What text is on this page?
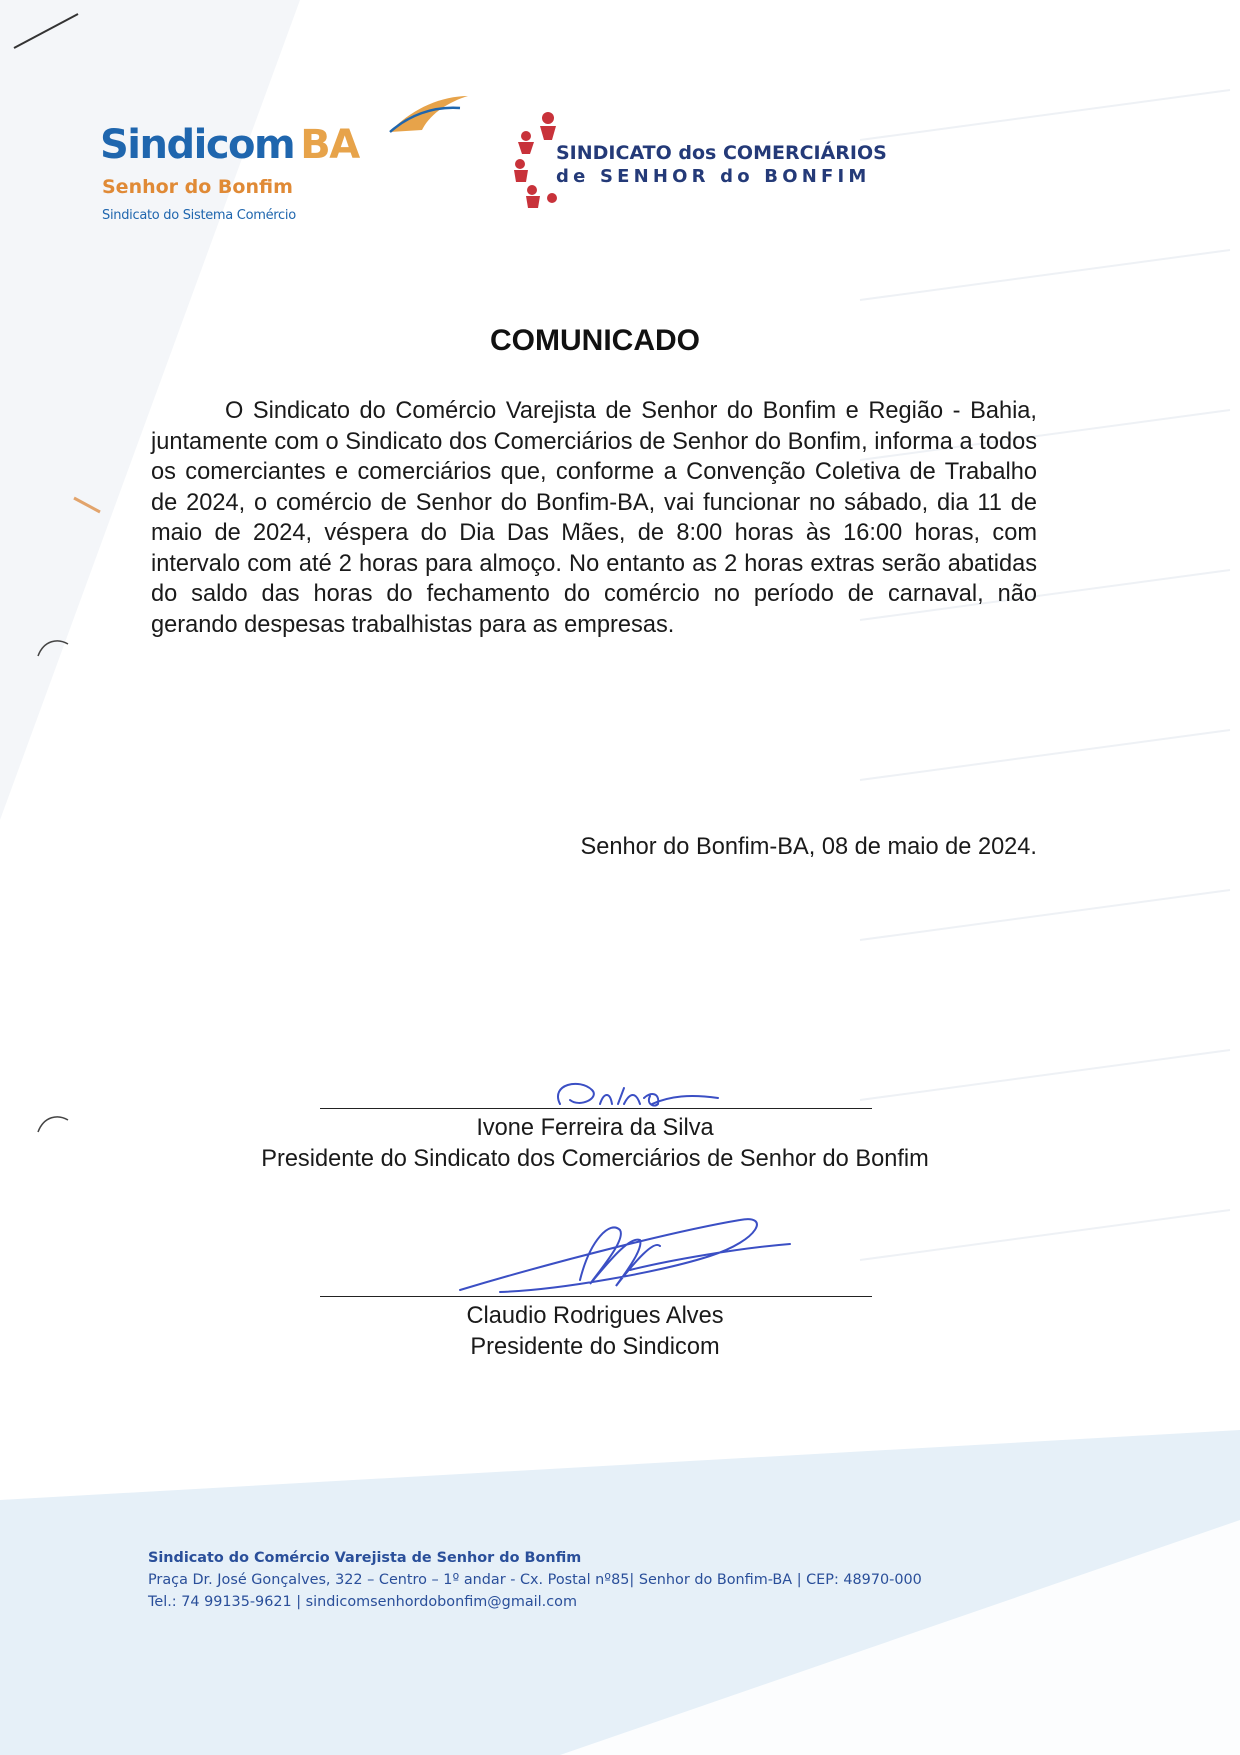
Sindicom BA
Senhor do Bonfim
Sindicato do Sistema Comércio
SINDICATO dos COMERCIÁRIOS
de SENHOR do BONFIM
COMUNICADO
O Sindicato do Comércio Varejista de Senhor do Bonfim e Região - Bahia, juntamente com o Sindicato dos Comerciários de Senhor do Bonfim, informa a todos os comerciantes e comerciários que, conforme a Convenção Coletiva de Trabalho de 2024, o comércio de Senhor do Bonfim-BA, vai funcionar no sábado, dia 11 de maio de 2024, véspera do Dia Das Mães, de 8:00 horas às 16:00 horas, com intervalo com até 2 horas para almoço. No entanto as 2 horas extras serão abatidas do saldo das horas do fechamento do comércio no período de carnaval, não gerando despesas trabalhistas para as empresas.
Senhor do Bonfim-BA, 08 de maio de 2024.
Ivone Ferreira da Silva
Presidente do Sindicato dos Comerciários de Senhor do Bonfim
Claudio Rodrigues Alves
Presidente do Sindicom
Sindicato do Comércio Varejista de Senhor do Bonfim
Praça Dr. José Gonçalves, 322 – Centro – 1º andar - Cx. Postal nº85| Senhor do Bonfim-BA | CEP: 48970-000
Tel.: 74 99135-9621 | sindicomsenhordobonfim@gmail.com
